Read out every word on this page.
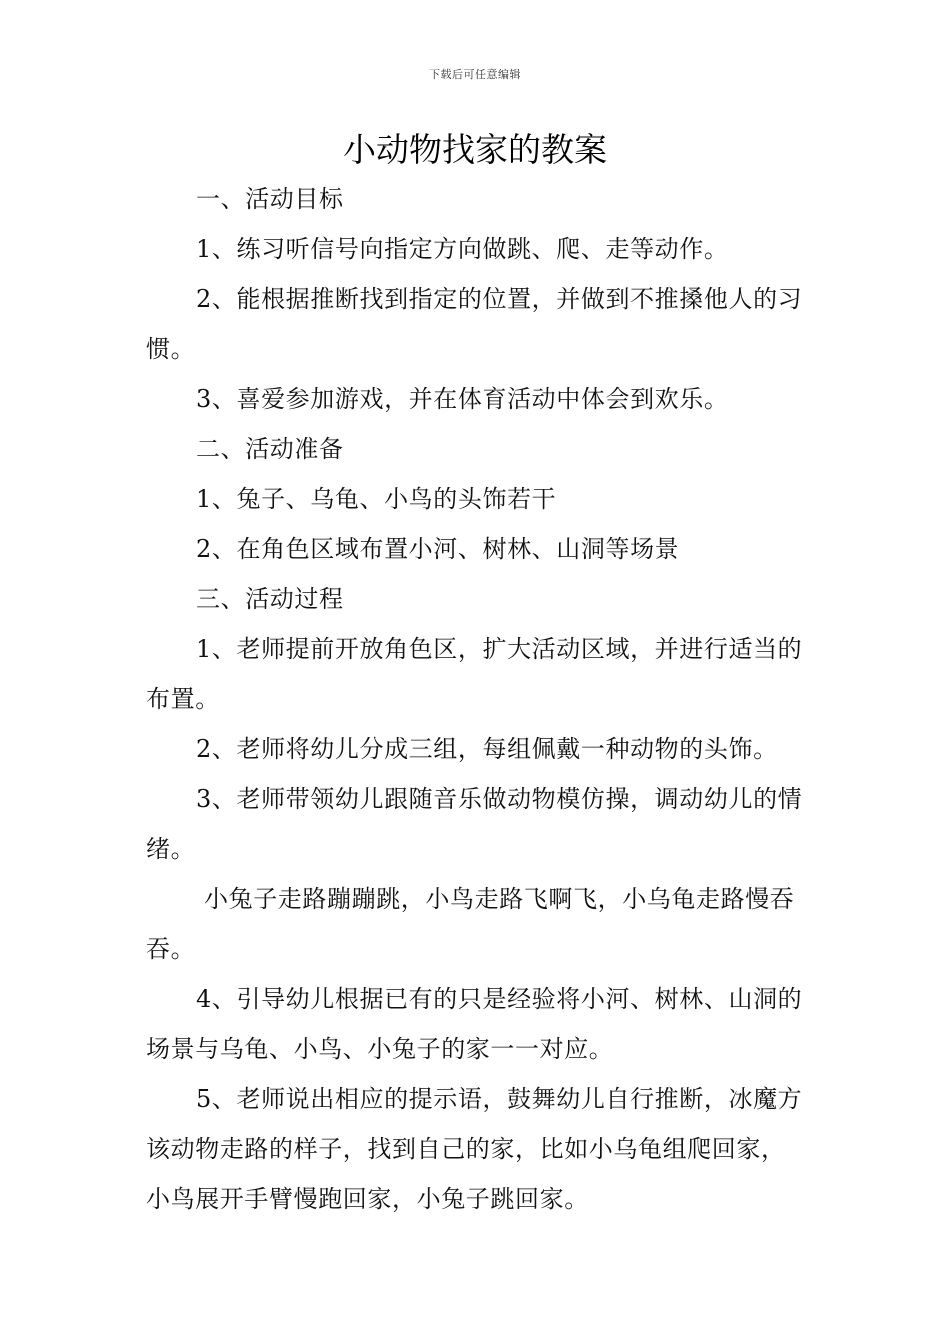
下载后可任意编辑
小动物找家的教案

一、活动目标

1、练习听信号向指定方向做跳、爬、走等动作。

2、能根据推断找到指定的位置，并做到不推搡他人的习惯。

3、喜爱参加游戏，并在体育活动中体会到欢乐。

二、活动准备

1、兔子、乌龟、小鸟的头饰若干

2、在角色区域布置小河、树林、山洞等场景

三、活动过程

1、老师提前开放角色区，扩大活动区域，并进行适当的布置。

2、老师将幼儿分成三组，每组佩戴一种动物的头饰。

3、老师带领幼儿跟随音乐做动物模仿操，调动幼儿的情绪。

小兔子走路蹦蹦跳，小鸟走路飞啊飞，小乌龟走路慢吞吞。

4、引导幼儿根据已有的只是经验将小河、树林、山洞的场景与乌龟、小鸟、小兔子的家一一对应。

5、老师说出相应的提示语，鼓舞幼儿自行推断，冰魔方该动物走路的样子，找到自己的家，比如小乌龟组爬回家，小鸟展开手臂慢跑回家，小兔子跳回家。
